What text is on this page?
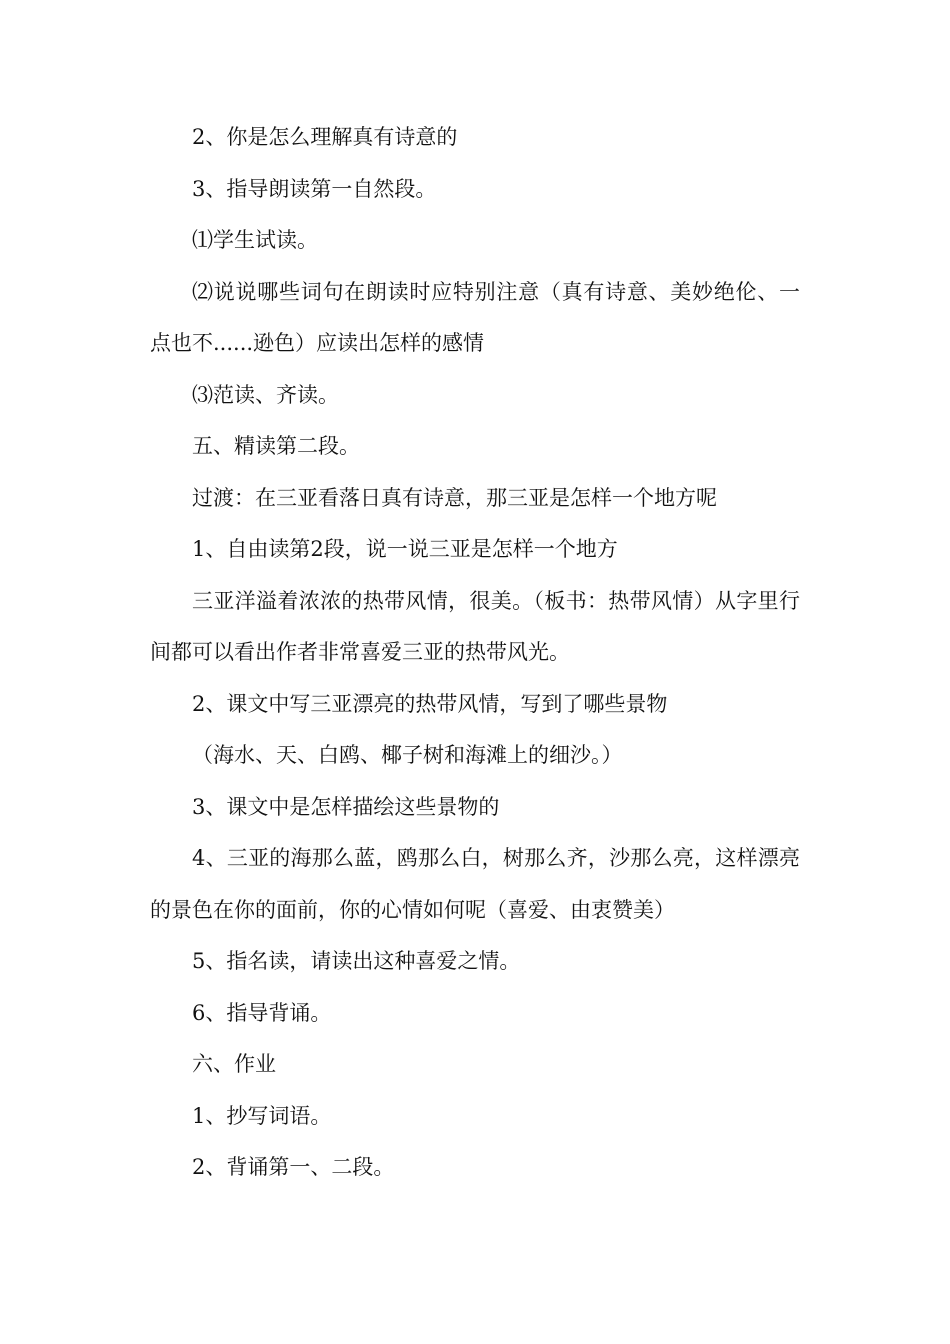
2、你是怎么理解真有诗意的

3、指导朗读第一自然段。

⑴学生试读。

⑵说说哪些词句在朗读时应特别注意（真有诗意、美妙绝伦、一点也不......逊色）应读出怎样的感情

⑶范读、齐读。

五、精读第二段。

过渡：在三亚看落日真有诗意，那三亚是怎样一个地方呢

1、自由读第2段，说一说三亚是怎样一个地方

三亚洋溢着浓浓的热带风情，很美。（板书：热带风情）从字里行间都可以看出作者非常喜爱三亚的热带风光。

2、课文中写三亚漂亮的热带风情，写到了哪些景物

（海水、天、白鸥、椰子树和海滩上的细沙。）

3、课文中是怎样描绘这些景物的

4、三亚的海那么蓝，鸥那么白，树那么齐，沙那么亮，这样漂亮的景色在你的面前，你的心情如何呢（喜爱、由衷赞美）

5、指名读，请读出这种喜爱之情。

6、指导背诵。

六、作业

1、抄写词语。

2、背诵第一、二段。
